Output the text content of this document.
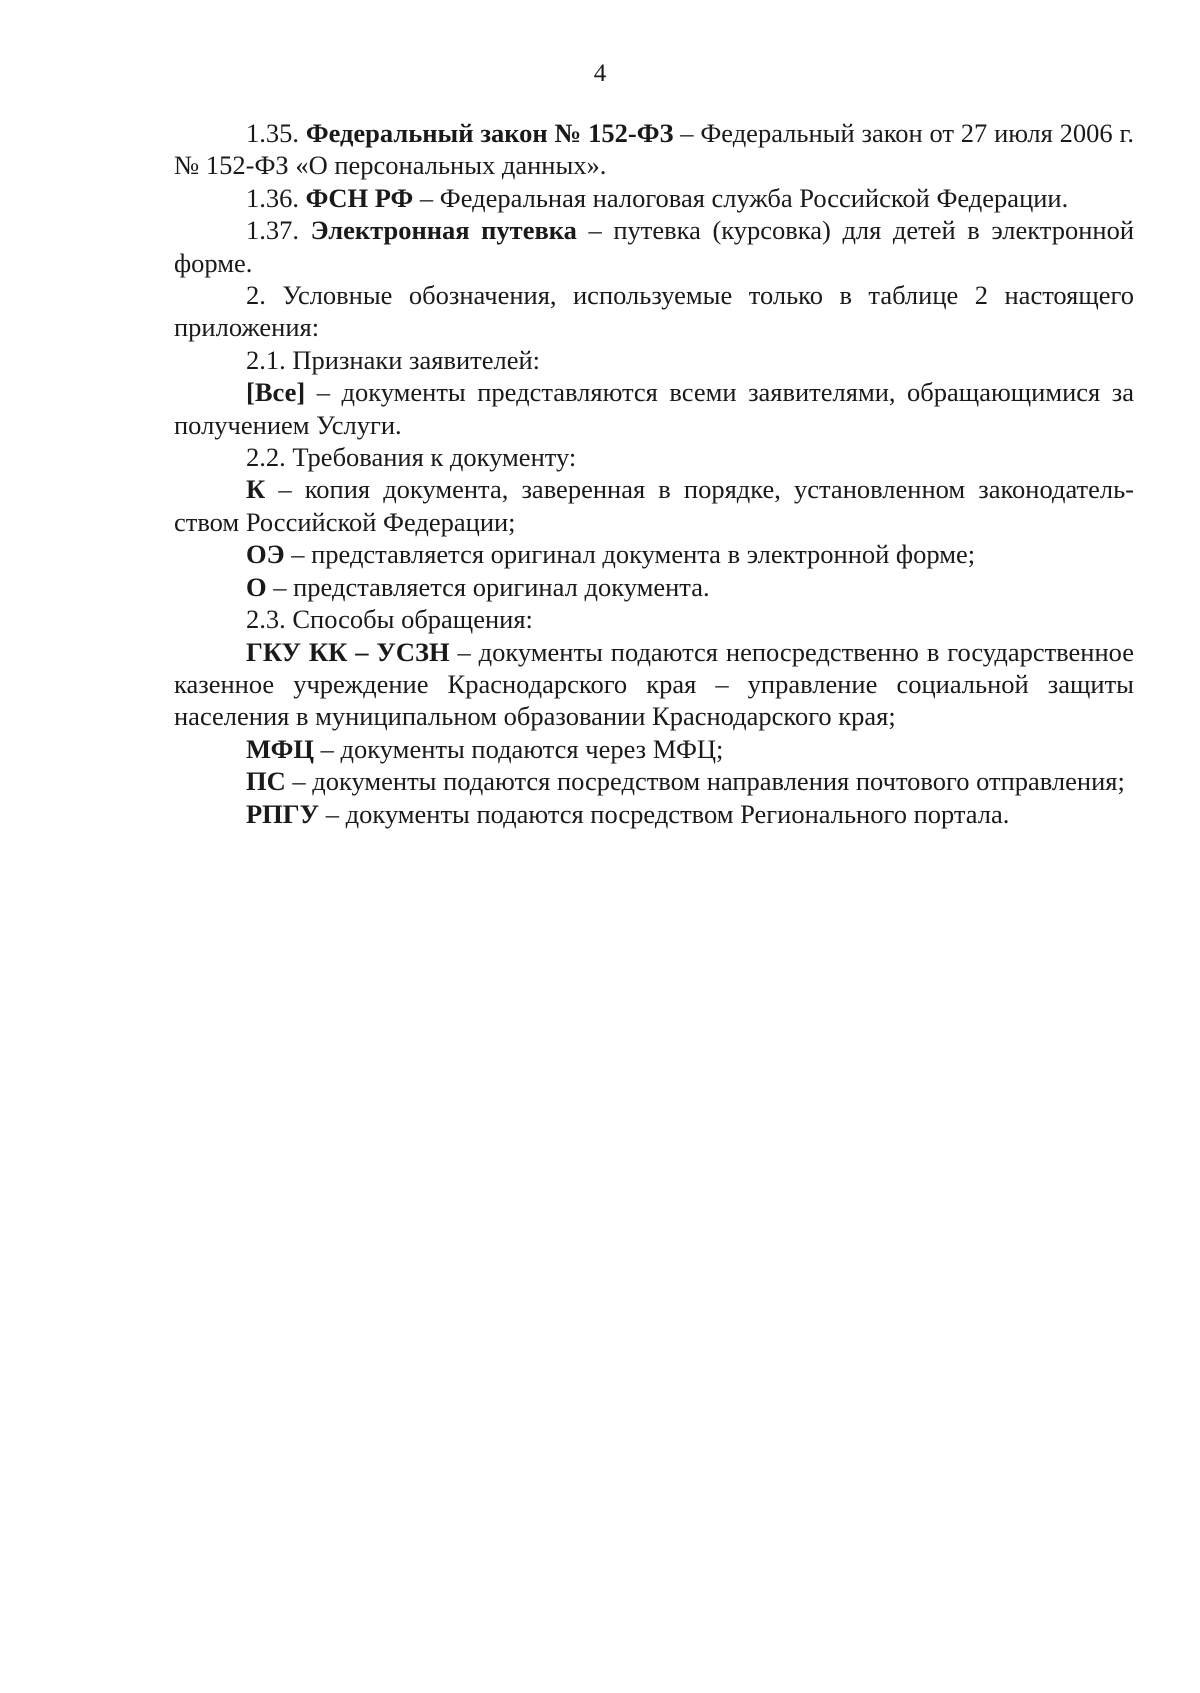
4

1.35. Федеральный закон № 152-ФЗ – Федеральный закон от 27 июля 2006 г. № 152-ФЗ «О персональных данных».

1.36. ФСН РФ – Федеральная налоговая служба Российской Федерации.

1.37. Электронная путевка – путевка (курсовка) для детей в электронной форме.

2. Условные обозначения, используемые только в таблице 2 настоящего приложения:

2.1. Признаки заявителей:

[Все] – документы представляются всеми заявителями, обращающимися за получением Услуги.

2.2. Требования к документу:

К – копия документа, заверенная в порядке, установленном законодательством Российской Федерации;

ОЭ – представляется оригинал документа в электронной форме;

О – представляется оригинал документа.

2.3. Способы обращения:

ГКУ КК – УСЗН – документы подаются непосредственно в государственное казенное учреждение Краснодарского края – управление социальной защиты населения в муниципальном образовании Краснодарского края;

МФЦ – документы подаются через МФЦ;

ПС – документы подаются посредством направления почтового отправления;

РПГУ – документы подаются посредством Регионального портала.
